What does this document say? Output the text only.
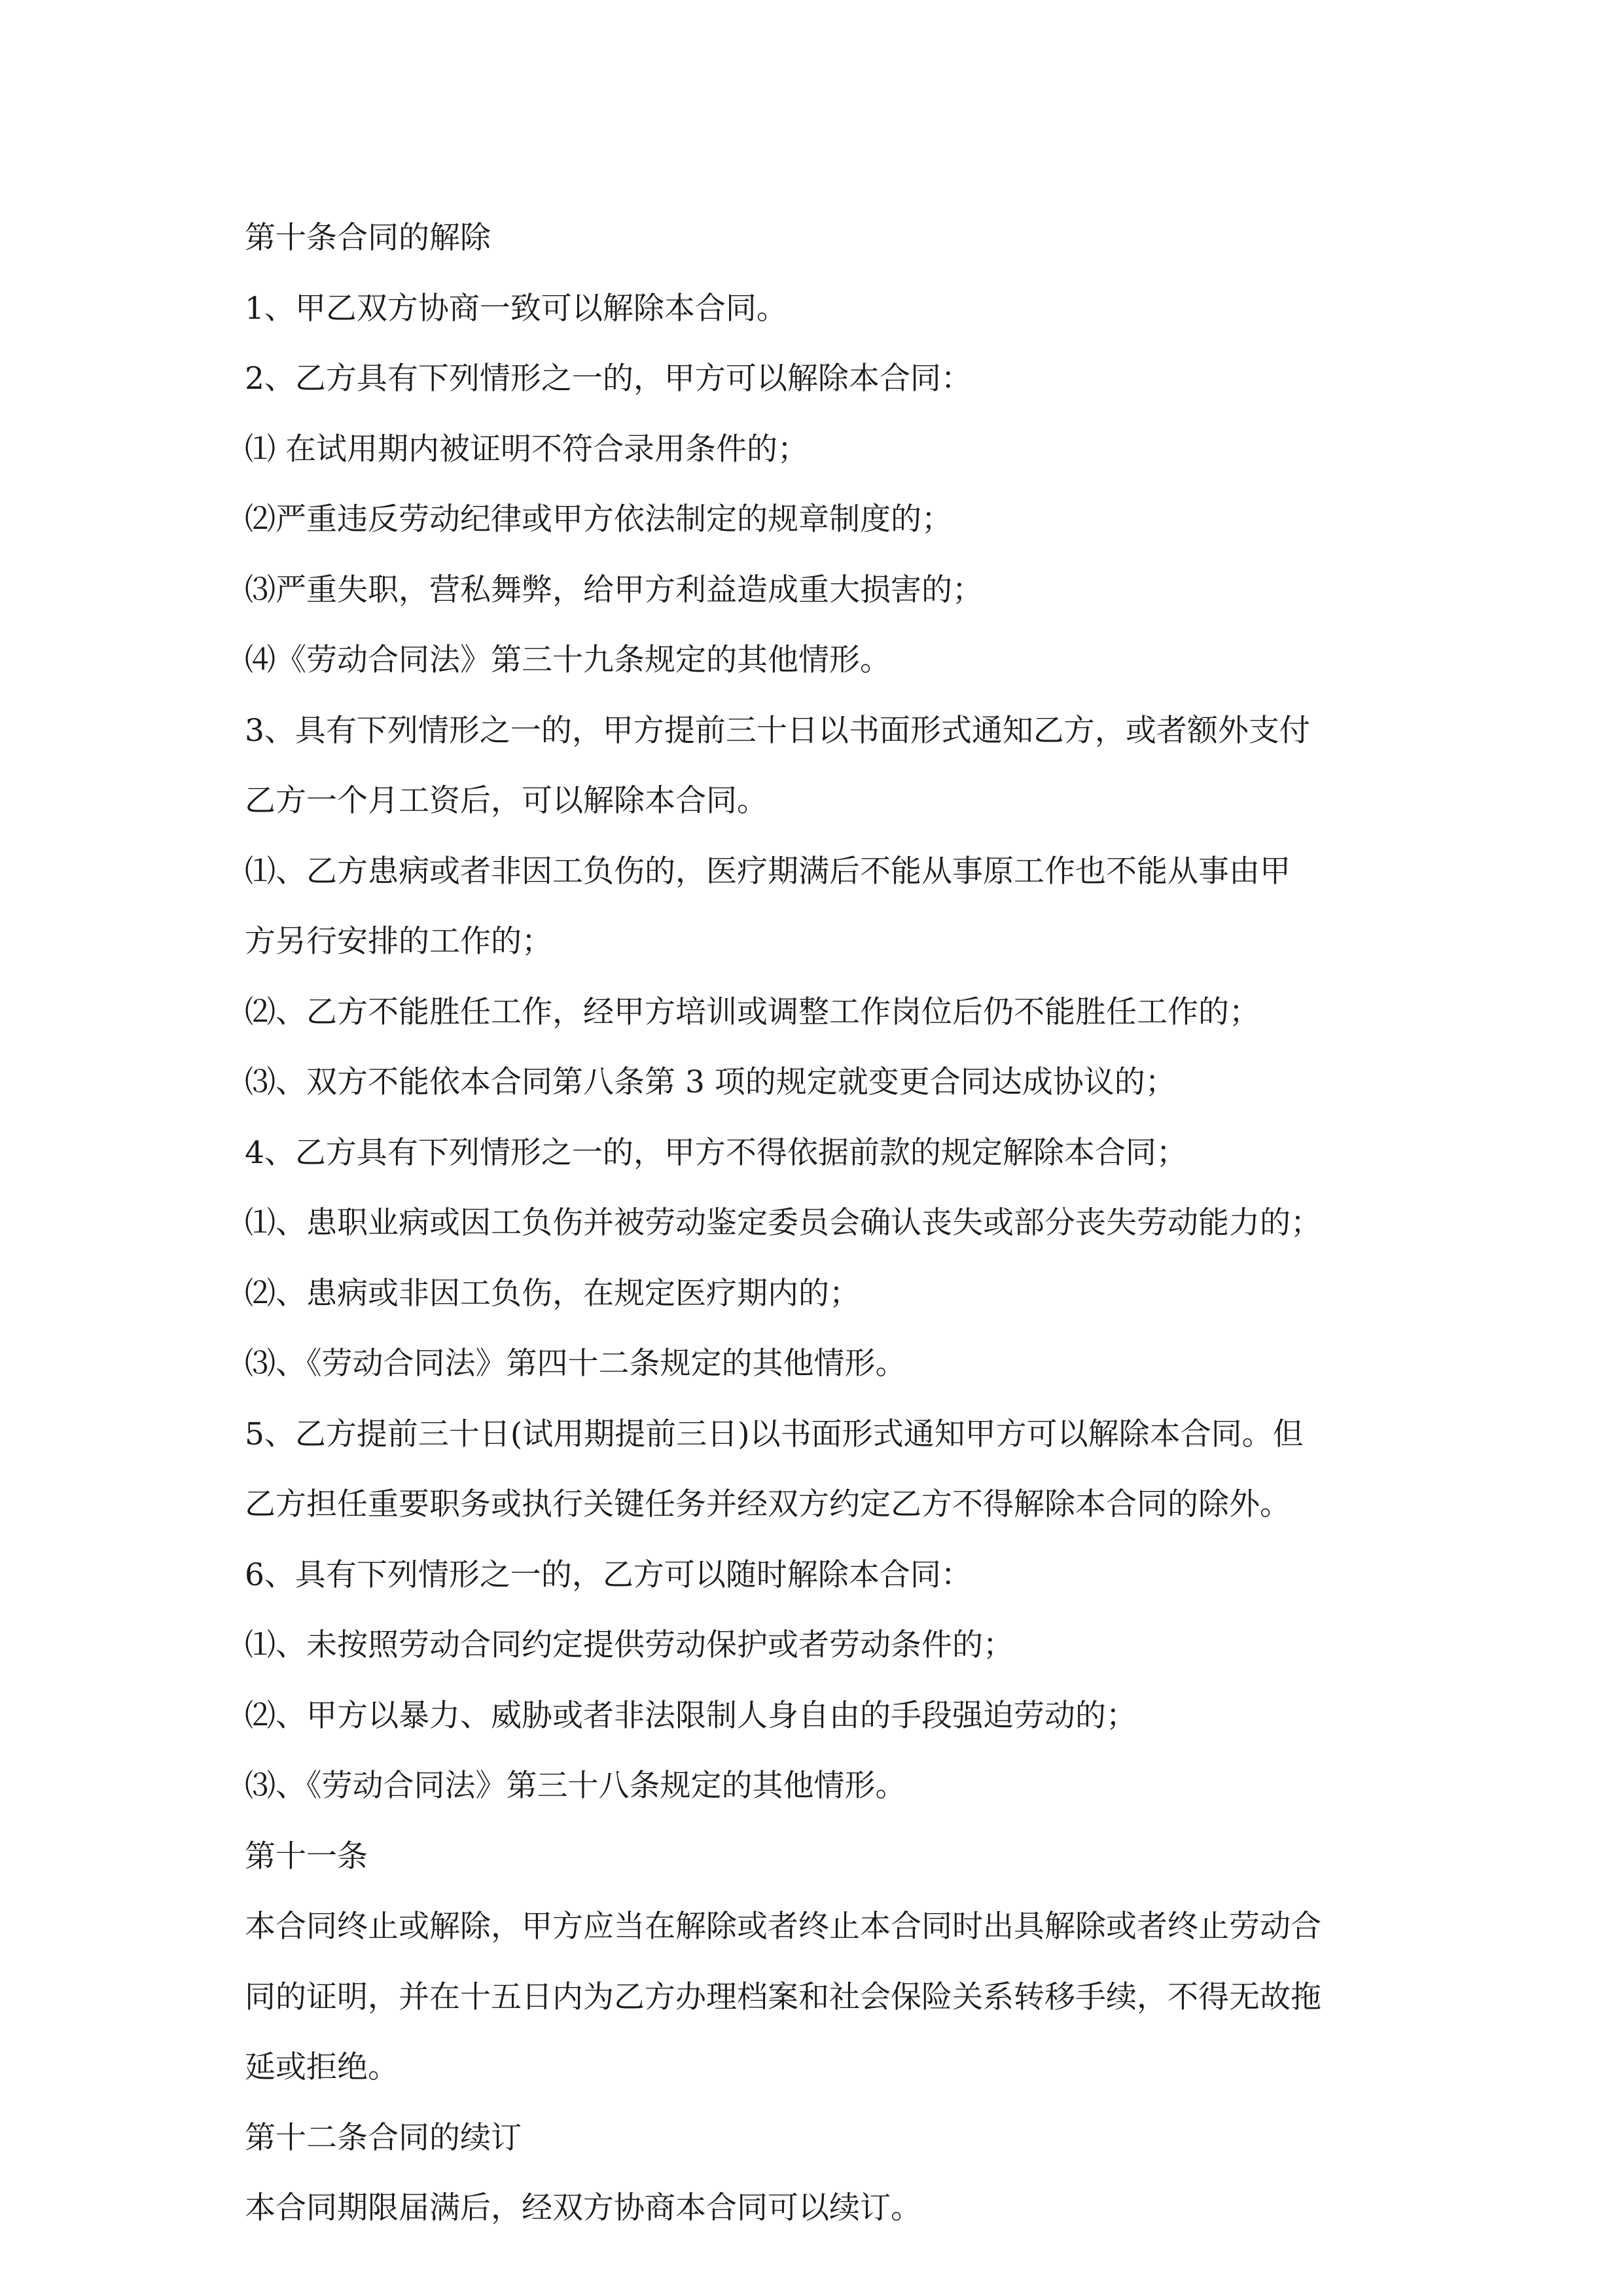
第十条合同的解除

1、甲乙双方协商一致可以解除本合同。

2、乙方具有下列情形之一的，甲方可以解除本合同：

⑴ 在试用期内被证明不符合录用条件的；

⑵严重违反劳动纪律或甲方依法制定的规章制度的；

⑶严重失职，营私舞弊，给甲方利益造成重大损害的；

⑷《劳动合同法》第三十九条规定的其他情形。

3、具有下列情形之一的，甲方提前三十日以书面形式通知乙方，或者额外支付

乙方一个月工资后，可以解除本合同。

⑴、乙方患病或者非因工负伤的，医疗期满后不能从事原工作也不能从事由甲

方另行安排的工作的；

⑵、乙方不能胜任工作，经甲方培训或调整工作岗位后仍不能胜任工作的；

⑶、双方不能依本合同第八条第 3 项的规定就变更合同达成协议的；

4、乙方具有下列情形之一的，甲方不得依据前款的规定解除本合同；

⑴、患职业病或因工负伤并被劳动鉴定委员会确认丧失或部分丧失劳动能力的；

⑵、患病或非因工负伤，在规定医疗期内的；

⑶、《劳动合同法》第四十二条规定的其他情形。

5、乙方提前三十日(试用期提前三日)以书面形式通知甲方可以解除本合同。但

乙方担任重要职务或执行关键任务并经双方约定乙方不得解除本合同的除外。

6、具有下列情形之一的，乙方可以随时解除本合同：

⑴、未按照劳动合同约定提供劳动保护或者劳动条件的；

⑵、甲方以暴力、威胁或者非法限制人身自由的手段强迫劳动的；

⑶、《劳动合同法》第三十八条规定的其他情形。

第十一条

本合同终止或解除，甲方应当在解除或者终止本合同时出具解除或者终止劳动合

同的证明，并在十五日内为乙方办理档案和社会保险关系转移手续，不得无故拖

延或拒绝。

第十二条合同的续订

本合同期限届满后，经双方协商本合同可以续订。
